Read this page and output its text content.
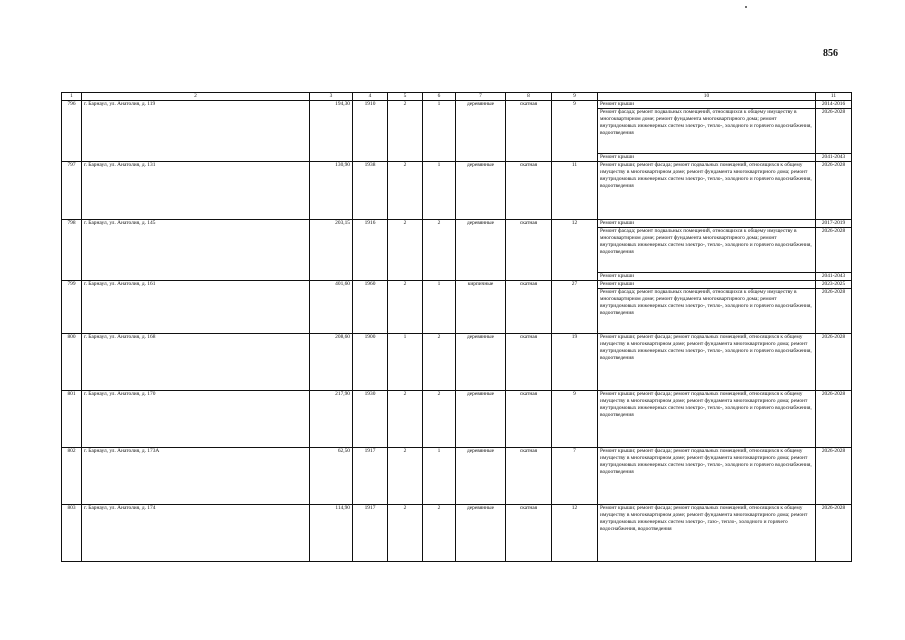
856
1	2	3	4	5	6	7	8	9	10	11
796	г. Барнаул, ул. Анатолия, д. 119	194,30	1910	2	1	деревянные	скатная	9	Ремонт крыши	2014-2016
									Ремонт фасада; ремонт подвальных помещений, относящихся к общему имуществу в многоквартирном доме; ремонт фундамента многоквартирного дома; ремонт внутридомовых инженерных систем электро-, тепло-, холодного и горячего водоснабжения, водоотведения	2026-2028
									Ремонт крыши	2041-2043
797	г. Барнаул, ул. Анатолия, д. 131	130,90	1938	2	1	деревянные	скатная	11	Ремонт крыши; ремонт фасада; ремонт подвальных помещений, относящихся к общему имуществу в многоквартирном доме; ремонт фундамента многоквартирного дома; ремонт внутридомовых инженерных систем электро-, тепло-, холодного и горячего водоснабжения, водоотведения	2026-2028
798	г. Барнаул, ул. Анатолия, д. 145	203,15	1916	2	2	деревянные	скатная	12	Ремонт крыши	2017-2019
									Ремонт фасада; ремонт подвальных помещений, относящихся к общему имуществу в многоквартирном доме; ремонт фундамента многоквартирного дома; ремонт внутридомовых инженерных систем электро-, тепло-, холодного и горячего водоснабжения, водоотведения	2026-2028
									Ремонт крыши	2041-2043
799	г. Барнаул, ул. Анатолия, д. 161	401,60	1960	2	1	кирпичные	скатная	27	Ремонт крыши	2023-2025
									Ремонт фасада; ремонт подвальных помещений, относящихся к общему имуществу в многоквартирном доме; ремонт фундамента многоквартирного дома; ремонт внутридомовых инженерных систем электро-, тепло-, холодного и горячего водоснабжения, водоотведения	2026-2028
800	г. Барнаул, ул. Анатолия, д. 168	208,60	1900	1	2	деревянные	скатная	19	Ремонт крыши; ремонт фасада; ремонт подвальных помещений, относящихся к общему имуществу в многоквартирном доме; ремонт фундамента многоквартирного дома; ремонт внутридомовых инженерных систем электро-, тепло-, холодного и горячего водоснабжения, водоотведения	2026-2028
801	г. Барнаул, ул. Анатолия, д. 170	217,90	1930	2	2	деревянные	скатная	9	Ремонт крыши; ремонт фасада; ремонт подвальных помещений, относящихся к общему имуществу в многоквартирном доме; ремонт фундамента многоквартирного дома; ремонт внутридомовых инженерных систем электро-, тепло-, холодного и горячего водоснабжения, водоотведения	2026-2028
802	г. Барнаул, ул. Анатолия, д. 173А	62,50	1917	2	1	деревянные	скатная	7	Ремонт крыши; ремонт фасада; ремонт подвальных помещений, относящихся к общему имуществу в многоквартирном доме; ремонт фундамента многоквартирного дома; ремонт внутридомовых инженерных систем электро-, тепло-, холодного и горячего водоснабжения, водоотведения	2026-2028
803	г. Барнаул, ул. Анатолия, д. 174	114,90	1917	2	2	деревянные	скатная	12	Ремонт крыши; ремонт фасада; ремонт подвальных помещений, относящихся к общему имуществу в многоквартирном доме; ремонт фундамента многоквартирного дома; ремонт внутридомовых инженерных систем электро-, газо-, тепло-, холодного и горячего водоснабжения, водоотведения	2026-2028
